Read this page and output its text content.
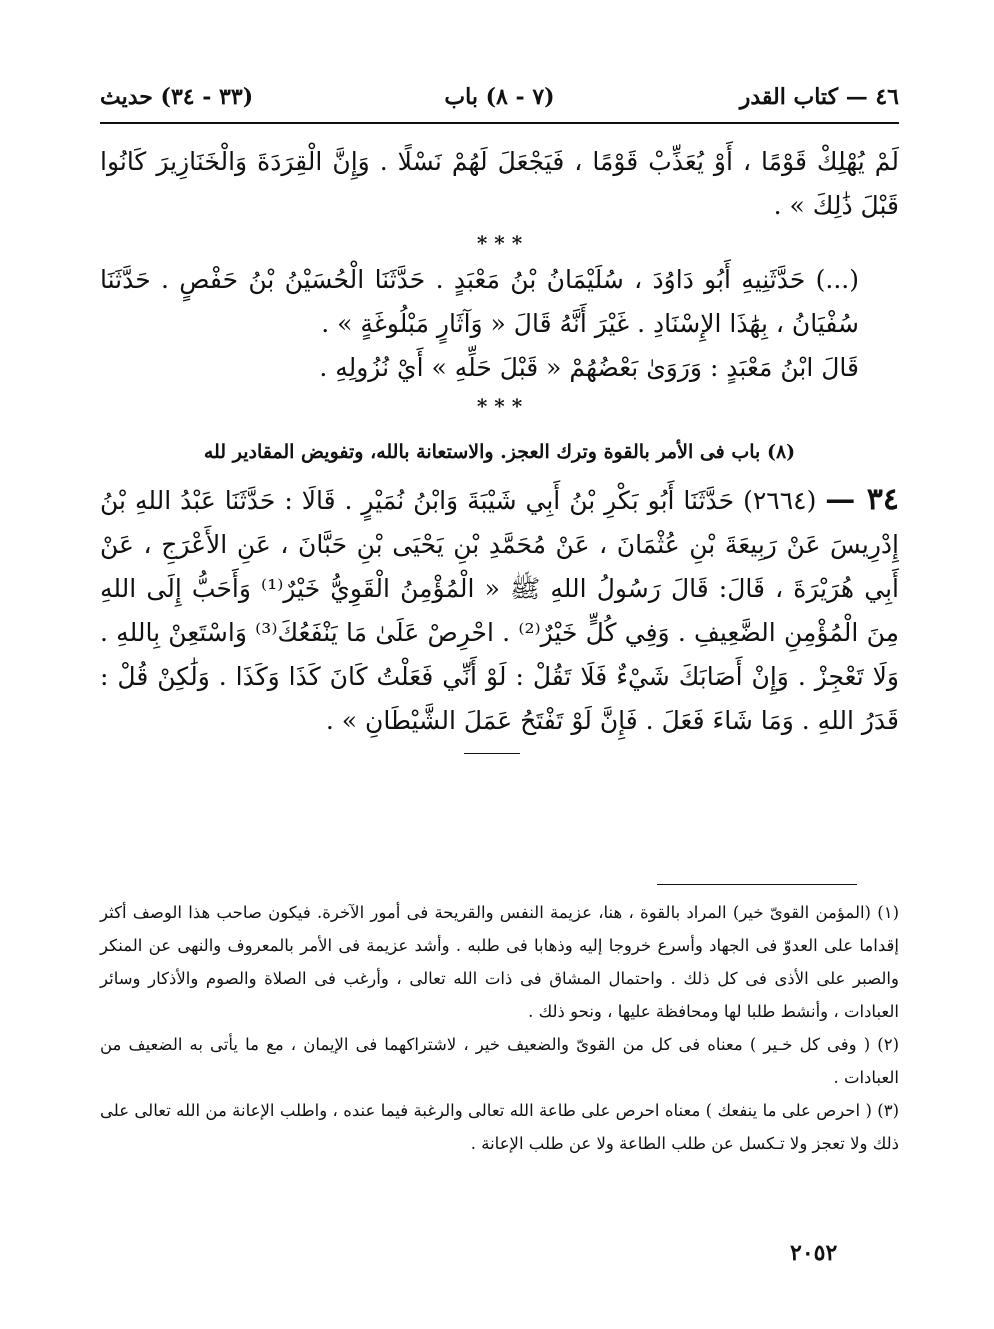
٤٦ — كتاب القدر
(٧ - ٨) باب
(٣٣ - ٣٤) حديث

لَمْ يُهْلِكْ قَوْمًا ، أَوْ يُعَذِّبْ قَوْمًا ، فَيَجْعَلَ لَهُمْ نَسْلًا . وَإِنَّ الْقِرَدَةَ وَالْخَنَازِيرَ كَانُوا قَبْلَ ذَٰلِكَ » .

* * *

(...) حَدَّثَنِيهِ أَبُو دَاوُدَ ، سُلَيْمَانُ بْنُ مَعْبَدٍ . حَدَّثَنَا الْحُسَيْنُ بْنُ حَفْصٍ . حَدَّثَنَا سُفْيَانُ ، بِهَٰذَا الإِسْنَادِ . غَيْرَ أَنَّهُ قَالَ « وَآثَارٍ مَبْلُوغَةٍ » .

قَالَ ابْنُ مَعْبَدٍ : وَرَوَىٰ بَعْضُهُمْ « قَبْلَ حَلِّهِ » أَيْ نُزُولِهِ .

* * *
(٨) باب فى الأمر بالقوة وترك العجز. والاستعانة بالله، وتفويض المقادير لله

٣٤ — (٢٦٦٤) حَدَّثَنَا أَبُو بَكْرِ بْنُ أَبِي شَيْبَةَ وَابْنُ نُمَيْرٍ . قَالَا : حَدَّثَنَا عَبْدُ اللهِ بْنُ إِدْرِيسَ عَنْ رَبِيعَةَ بْنِ عُثْمَانَ ، عَنْ مُحَمَّدِ بْنِ يَحْيَى بْنِ حَبَّانَ ، عَنِ الأَعْرَجِ ، عَنْ أَبِي هُرَيْرَةَ ، قَالَ: قَالَ رَسُولُ اللهِ ﷺ « الْمُؤْمِنُ الْقَوِيُّ خَيْرٌ⁽¹⁾ وَأَحَبُّ إِلَى اللهِ مِنَ الْمُؤْمِنِ الضَّعِيفِ . وَفِي كُلٍّ خَيْرٌ⁽²⁾ . احْرِصْ عَلَىٰ مَا يَنْفَعُكَ⁽³⁾ وَاسْتَعِنْ بِاللهِ . وَلَا تَعْجِزْ . وَإِنْ أَصَابَكَ شَيْءٌ فَلَا تَقُلْ : لَوْ أَنِّي فَعَلْتُ كَانَ كَذَا وَكَذَا . وَلَٰكِنْ قُلْ : قَدَرُ اللهِ . وَمَا شَاءَ فَعَلَ . فَإِنَّ لَوْ تَفْتَحُ عَمَلَ الشَّيْطَانِ » .

(١) (المؤمن القوىّ خير) المراد بالقوة ، هنا، عزيمة النفس والقريحة فى أمور الآخرة. فيكون صاحب هذا الوصف أكثر إقداما على العدوّ فى الجهاد وأسرع خروجا إليه وذهابا فى طلبه . وأشد عزيمة فى الأمر بالمعروف والنهى عن المنكر والصبر على الأذى فى كل ذلك . واحتمال المشاق فى ذات الله تعالى ، وأرغب فى الصلاة والصوم والأذكار وسائر العبادات ، وأنشط طلبا لها ومحافظة عليها ، ونحو ذلك .

(٢) ( وفى كل خـير ) معناه فى كل من القوىّ والضعيف خير ، لاشتراكهما فى الإيمان ، مع ما يأتى به الضعيف من العبادات .

(٣) ( احرص على ما ينفعك ) معناه احرص على طاعة الله تعالى والرغبة فيما عنده ، واطلب الإعانة من الله تعالى على ذلك ولا تعجز ولا تـكسل عن طلب الطاعة ولا عن طلب الإعانة .

٢٠٥٢
